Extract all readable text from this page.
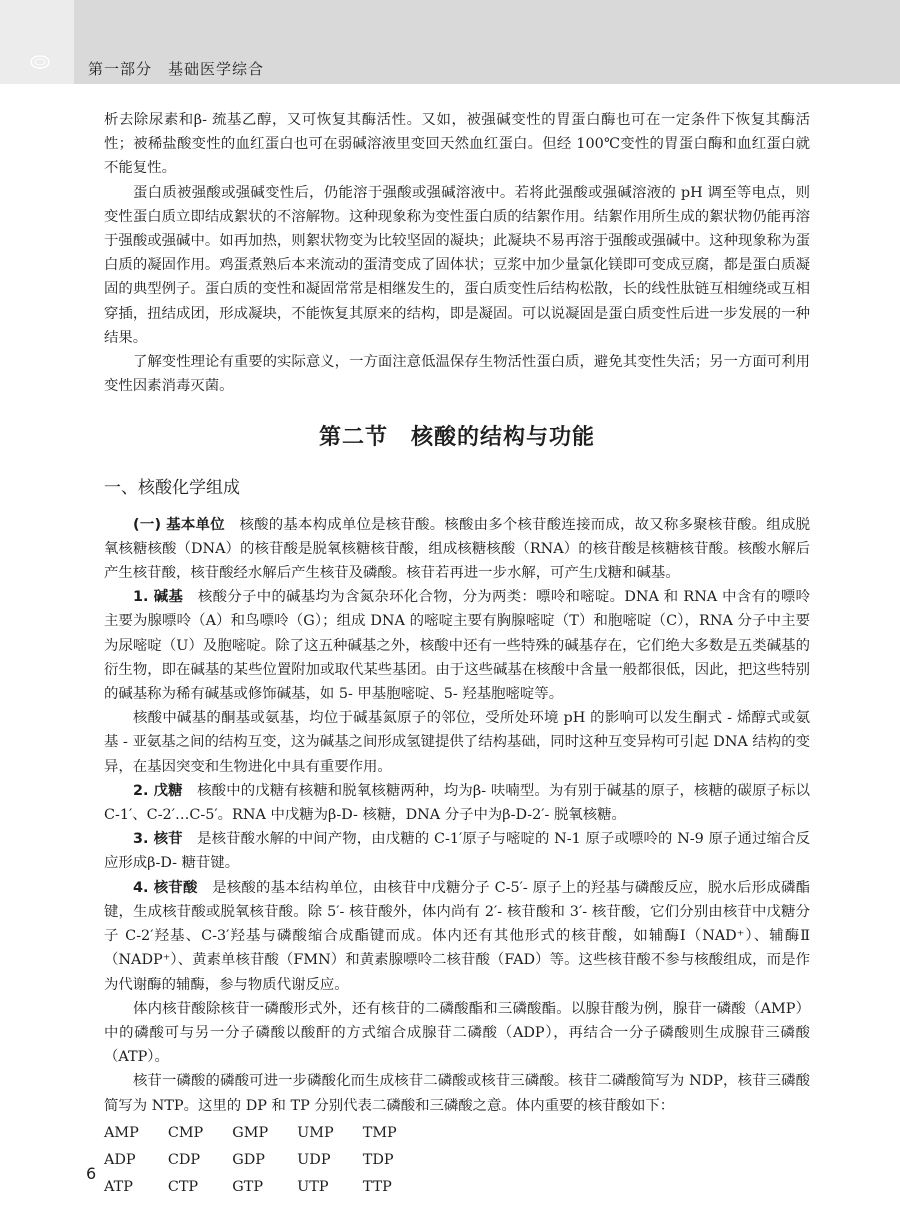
第一部分　基础医学综合

析去除尿素和β- 巯基乙醇，又可恢复其酶活性。又如，被强碱变性的胃蛋白酶也可在一定条件下恢复其酶活性；被稀盐酸变性的血红蛋白也可在弱碱溶液里变回天然血红蛋白。但经 100℃变性的胃蛋白酶和血红蛋白就不能复性。

蛋白质被强酸或强碱变性后，仍能溶于强酸或强碱溶液中。若将此强酸或强碱溶液的 pH 调至等电点，则变性蛋白质立即结成絮状的不溶解物。这种现象称为变性蛋白质的结絮作用。结絮作用所生成的絮状物仍能再溶于强酸或强碱中。如再加热，则絮状物变为比较坚固的凝块；此凝块不易再溶于强酸或强碱中。这种现象称为蛋白质的凝固作用。鸡蛋煮熟后本来流动的蛋清变成了固体状；豆浆中加少量氯化镁即可变成豆腐，都是蛋白质凝固的典型例子。蛋白质的变性和凝固常常是相继发生的，蛋白质变性后结构松散，长的线性肽链互相缠绕或互相穿插，扭结成团，形成凝块，不能恢复其原来的结构，即是凝固。可以说凝固是蛋白质变性后进一步发展的一种结果。

了解变性理论有重要的实际意义，一方面注意低温保存生物活性蛋白质，避免其变性失活；另一方面可利用变性因素消毒灭菌。

第二节　核酸的结构与功能
一、核酸化学组成

(一) 基本单位　核酸的基本构成单位是核苷酸。核酸由多个核苷酸连接而成，故又称多聚核苷酸。组成脱氧核糖核酸（DNA）的核苷酸是脱氧核糖核苷酸，组成核糖核酸（RNA）的核苷酸是核糖核苷酸。核酸水解后产生核苷酸，核苷酸经水解后产生核苷及磷酸。核苷若再进一步水解，可产生戊糖和碱基。

1. 碱基　核酸分子中的碱基均为含氮杂环化合物，分为两类：嘌呤和嘧啶。DNA 和 RNA 中含有的嘌呤主要为腺嘌呤（A）和鸟嘌呤（G）；组成 DNA 的嘧啶主要有胸腺嘧啶（T）和胞嘧啶（C），RNA 分子中主要为尿嘧啶（U）及胞嘧啶。除了这五种碱基之外，核酸中还有一些特殊的碱基存在，它们绝大多数是五类碱基的衍生物，即在碱基的某些位置附加或取代某些基团。由于这些碱基在核酸中含量一般都很低，因此，把这些特别的碱基称为稀有碱基或修饰碱基，如 5- 甲基胞嘧啶、5- 羟基胞嘧啶等。

核酸中碱基的酮基或氨基，均位于碱基氮原子的邻位，受所处环境 pH 的影响可以发生酮式 - 烯醇式或氨基 - 亚氨基之间的结构互变，这为碱基之间形成氢键提供了结构基础，同时这种互变异构可引起 DNA 结构的变异，在基因突变和生物进化中具有重要作用。

2. 戊糖　核酸中的戊糖有核糖和脱氧核糖两种，均为β- 呋喃型。为有别于碱基的原子，核糖的碳原子标以 C-1′、C-2′…C-5′。RNA 中戊糖为β-D- 核糖，DNA 分子中为β-D-2′- 脱氧核糖。

3. 核苷　是核苷酸水解的中间产物，由戊糖的 C-1′原子与嘧啶的 N-1 原子或嘌呤的 N-9 原子通过缩合反应形成β-D- 糖苷键。

4. 核苷酸　是核酸的基本结构单位，由核苷中戊糖分子 C-5′- 原子上的羟基与磷酸反应，脱水后形成磷酯键，生成核苷酸或脱氧核苷酸。除 5′- 核苷酸外，体内尚有 2′- 核苷酸和 3′- 核苷酸，它们分别由核苷中戊糖分子 C-2′羟基、C-3′羟基与磷酸缩合成酯键而成。体内还有其他形式的核苷酸，如辅酶Ⅰ（NAD⁺）、辅酶Ⅱ（NADP⁺）、黄素单核苷酸（FMN）和黄素腺嘌呤二核苷酸（FAD）等。这些核苷酸不参与核酸组成，而是作为代谢酶的辅酶，参与物质代谢反应。

体内核苷酸除核苷一磷酸形式外，还有核苷的二磷酸酯和三磷酸酯。以腺苷酸为例，腺苷一磷酸（AMP）中的磷酸可与另一分子磷酸以酸酐的方式缩合成腺苷二磷酸（ADP），再结合一分子磷酸则生成腺苷三磷酸（ATP）。

核苷一磷酸的磷酸可进一步磷酸化而生成核苷二磷酸或核苷三磷酸。核苷二磷酸简写为 NDP，核苷三磷酸简写为 NTP。这里的 DP 和 TP 分别代表二磷酸和三磷酸之意。体内重要的核苷酸如下：

AMP	CMP	GMP	UMP	TMP
ADP	CDP	GDP	UDP	TDP
ATP	CTP	GTP	UTP	TTP
6
